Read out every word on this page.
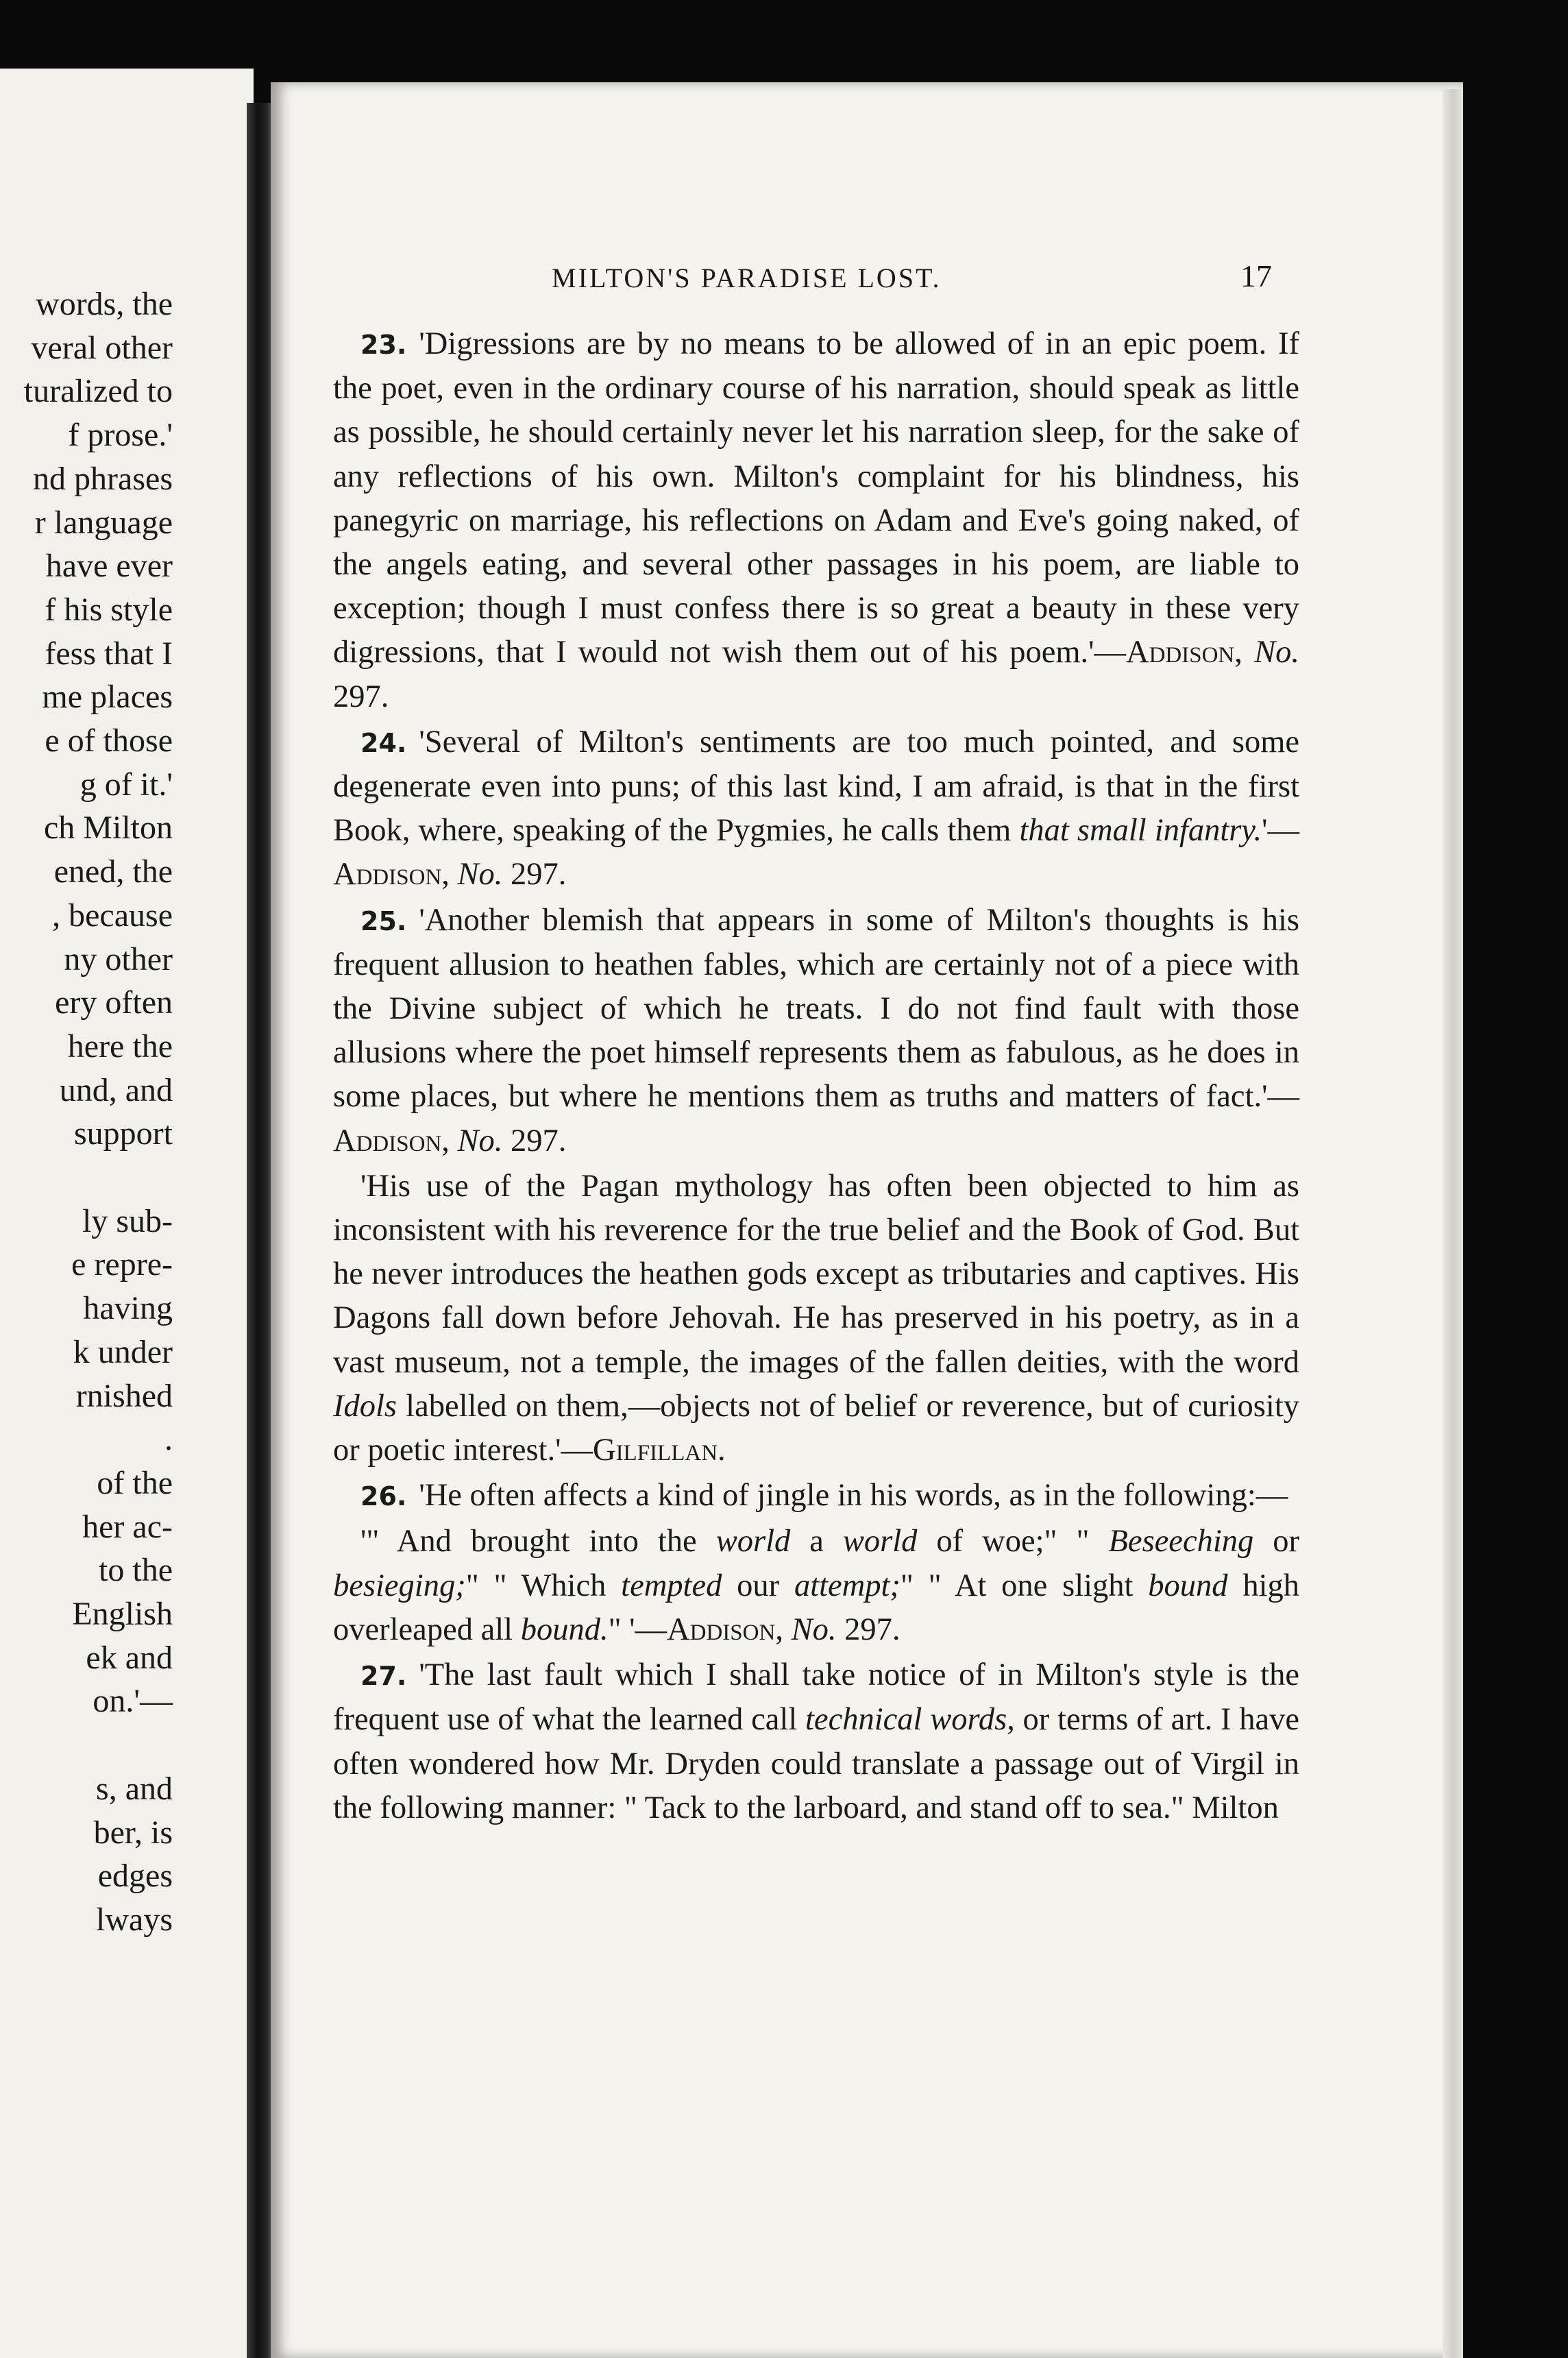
words, the
veral other
turalized to
f prose.'
nd phrases
r language
have ever
f his style
fess that I
me places
e of those
g of it.'
ch Milton
ened, the
, because
ny other
ery often
here the
und, and
support
ly sub-
e repre-
having
k under
rnished
.
of the
her ac-
to the
English
ek and
on.'—
s, and
ber, is
edges
lways
MILTON'S PARADISE LOST.	17

23. 'Digressions are by no means to be allowed of in an epic poem. If the poet, even in the ordinary course of his narration, should speak as little as possible, he should certainly never let his narration sleep, for the sake of any reflections of his own. Milton's complaint for his blindness, his panegyric on marriage, his reflections on Adam and Eve's going naked, of the angels eating, and several other passages in his poem, are liable to exception; though I must confess there is so great a beauty in these very digressions, that I would not wish them out of his poem.'—Addison, No. 297.

24. 'Several of Milton's sentiments are too much pointed, and some degenerate even into puns; of this last kind, I am afraid, is that in the first Book, where, speaking of the Pygmies, he calls them that small infantry.'—Addison, No. 297.

25. 'Another blemish that appears in some of Milton's thoughts is his frequent allusion to heathen fables, which are certainly not of a piece with the Divine subject of which he treats. I do not find fault with those allusions where the poet himself represents them as fabulous, as he does in some places, but where he mentions them as truths and matters of fact.'—Addison, No. 297.

'His use of the Pagan mythology has often been objected to him as inconsistent with his reverence for the true belief and the Book of God. But he never introduces the heathen gods except as tributaries and captives. His Dagons fall down before Jehovah. He has preserved in his poetry, as in a vast museum, not a temple, the images of the fallen deities, with the word Idols labelled on them,—objects not of belief or reverence, but of curiosity or poetic interest.'—Gilfillan.

26. 'He often affects a kind of jingle in his words, as in the following:—

'" And brought into the world a world of woe;" " Beseeching or besieging;" " Which tempted our attempt;" " At one slight bound high overleaped all bound." '—Addison, No. 297.

27. 'The last fault which I shall take notice of in Milton's style is the frequent use of what the learned call technical words, or terms of art. I have often wondered how Mr. Dryden could translate a passage out of Virgil in the following manner: " Tack to the larboard, and stand off to sea." Milton
